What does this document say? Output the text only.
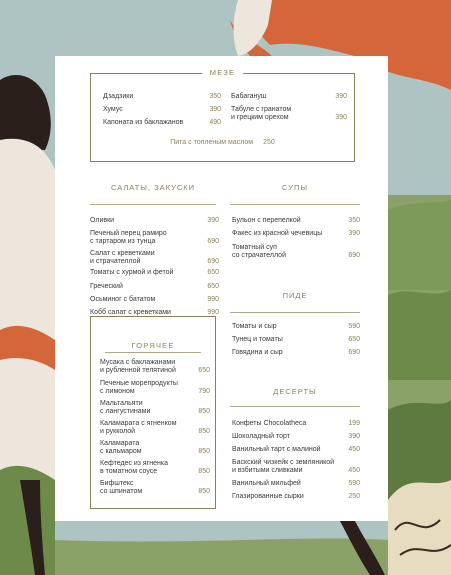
МЕЗЕ
Дзадзики	350
Хумус	390
Капоната из баклажанов	490
Бабагануш	390
Табуле с гранатом
и грецким орехом	390
Пита с топленым маслом 250
САЛАТЫ, ЗАКУСКИ
Оливки	390
Печеный перец рамиро
с тартаром из тунца	690
Салат с креветками
и страчателлой	690
Томаты с хурмой и фетой	650
Греческий	650
Осьминог с бататом	990
Кобб салат с креветками	990
СУПЫ
Бульон с перепелкой	350
Факес из красной чечевицы	390
Томатный суп
со страчателлой	690
ПИДЕ
Томаты и сыр	590
Тунец и томаты	650
Говядина и сыр	690
ГОРЯЧЕЕ
Мусака с баклажанами
и рубленной телятиной	650
Печеные морепродукты
с лимоном	790
Мальтальяти
с лангустинами	850
Каламарата с ягненком
и рукколой	850
Каламарата
с кальмаром	850
Кефтедес из ягненка
в томатном соусе	850
Бифштекс
со шпинатом	850
ДЕСЕРТЫ
Конфеты Chocolatheca	199
Шоколадный торт	390
Ванильный тарт с малиной	450
Баскский чизкейк с земляникой
и взбитыми сливками	450
Ванильный мильфей	590
Глазированные сырки	250
